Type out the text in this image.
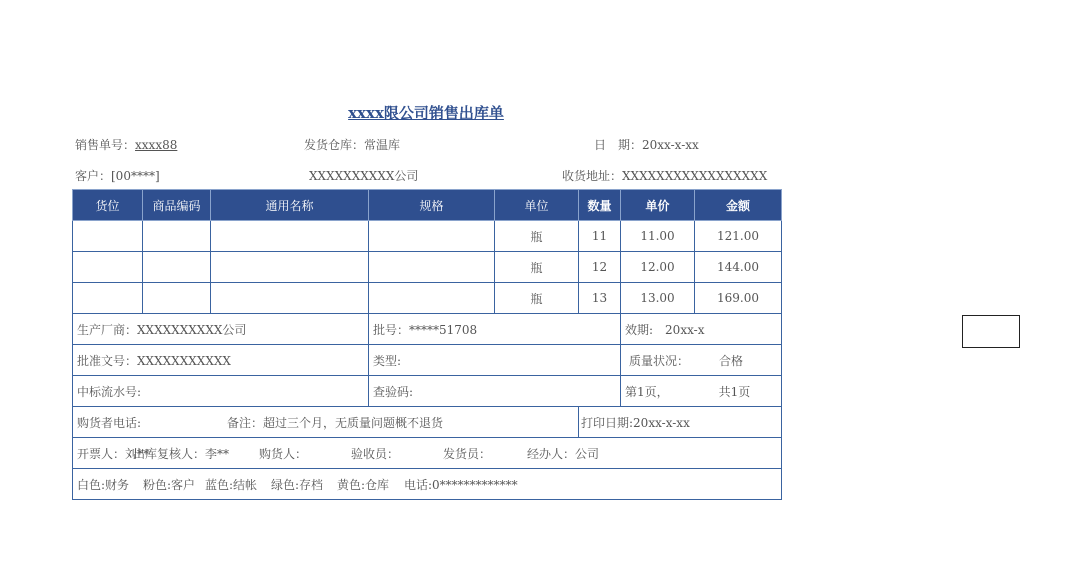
xxxx限公司销售出库单
销售单号：xxxx88	发货仓库：常温库	日　期：20xx-x-xx
客户：[00****]	XXXXXXXXXX公司	收货地址：XXXXXXXXXXXXXXXXX
货位	商品编码	通用名称	规格	单位	数量	单价	金额
				瓶	11	11.00	121.00
				瓶	12	12.00	144.00
				瓶	13	13.00	169.00
生产厂商：XXXXXXXXXX公司			批号：*****51708			效期:　20xx-x	
批准文号：XXXXXXXXXXX			类型:			质量状况： 合格	
中标流水号:			查验码:			第1页， 共1页	
购货者电话: 备注：超过三个月，无质量问题概不退货					打印日期:20xx-x-xx		
开票人：刘**出库复核人：李** 购货人： 验收员： 发货员： 经办人：公司							
白色:财务 粉色:客户 蓝色:结帐 绿色:存档 黄色:仓库 电话:0*************							
